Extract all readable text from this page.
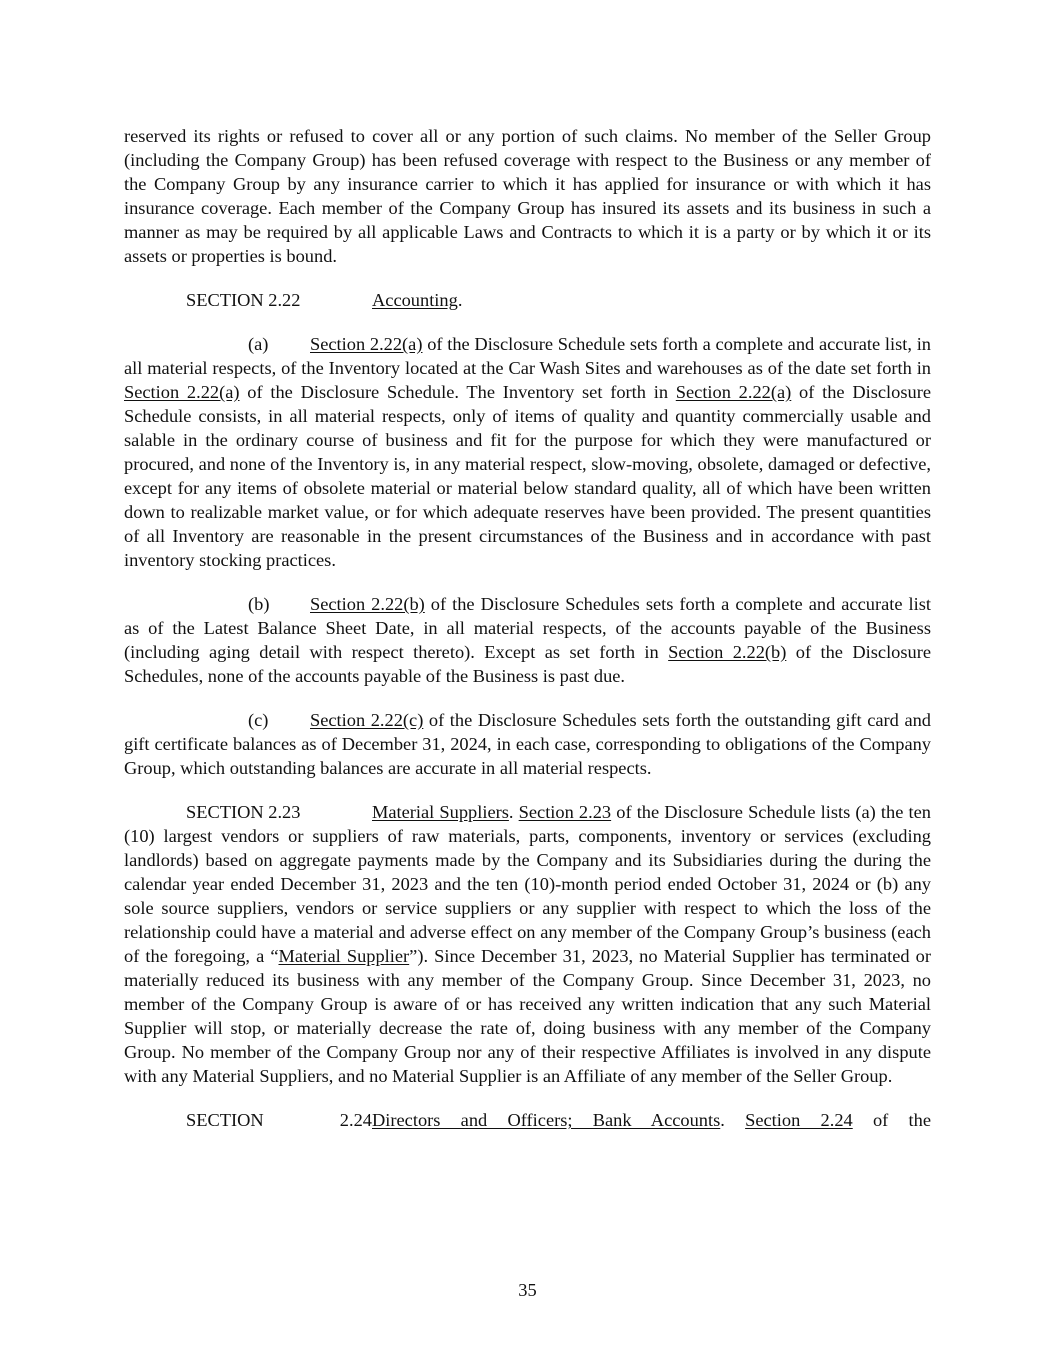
reserved its rights or refused to cover all or any portion of such claims. No member of the Seller Group (including the Company Group) has been refused coverage with respect to the Business or any member of the Company Group by any insurance carrier to which it has applied for insurance or with which it has insurance coverage. Each member of the Company Group has insured its assets and its business in such a manner as may be required by all applicable Laws and Contracts to which it is a party or by which it or its assets or properties is bound.

SECTION 2.22	Accounting.

(a) Section 2.22(a) of the Disclosure Schedule sets forth a complete and accurate list, in all material respects, of the Inventory located at the Car Wash Sites and warehouses as of the date set forth in Section 2.22(a) of the Disclosure Schedule. The Inventory set forth in Section 2.22(a) of the Disclosure Schedule consists, in all material respects, only of items of quality and quantity commercially usable and salable in the ordinary course of business and fit for the purpose for which they were manufactured or procured, and none of the Inventory is, in any material respect, slow-moving, obsolete, damaged or defective, except for any items of obsolete material or material below standard quality, all of which have been written down to realizable market value, or for which adequate reserves have been provided. The present quantities of all Inventory are reasonable in the present circumstances of the Business and in accordance with past inventory stocking practices.

(b) Section 2.22(b) of the Disclosure Schedules sets forth a complete and accurate list as of the Latest Balance Sheet Date, in all material respects, of the accounts payable of the Business (including aging detail with respect thereto). Except as set forth in Section 2.22(b) of the Disclosure Schedules, none of the accounts payable of the Business is past due.

(c) Section 2.22(c) of the Disclosure Schedules sets forth the outstanding gift card and gift certificate balances as of December 31, 2024, in each case, corresponding to obligations of the Company Group, which outstanding balances are accurate in all material respects.

SECTION 2.23	Material Suppliers. Section 2.23 of the Disclosure Schedule lists (a) the ten (10) largest vendors or suppliers of raw materials, parts, components, inventory or services (excluding landlords) based on aggregate payments made by the Company and its Subsidiaries during the during the calendar year ended December 31, 2023 and the ten (10)-month period ended October 31, 2024 or (b) any sole source suppliers, vendors or service suppliers or any supplier with respect to which the loss of the relationship could have a material and adverse effect on any member of the Company Group’s business (each of the foregoing, a “Material Supplier”). Since December 31, 2023, no Material Supplier has terminated or materially reduced its business with any member of the Company Group. Since December 31, 2023, no member of the Company Group is aware of or has received any written indication that any such Material Supplier will stop, or materially decrease the rate of, doing business with any member of the Company Group. No member of the Company Group nor any of their respective Affiliates is involved in any dispute with any Material Suppliers, and no Material Supplier is an Affiliate of any member of the Seller Group.

SECTION 2.24Directors and Officers; Bank Accounts. Section 2.24 of the

35
